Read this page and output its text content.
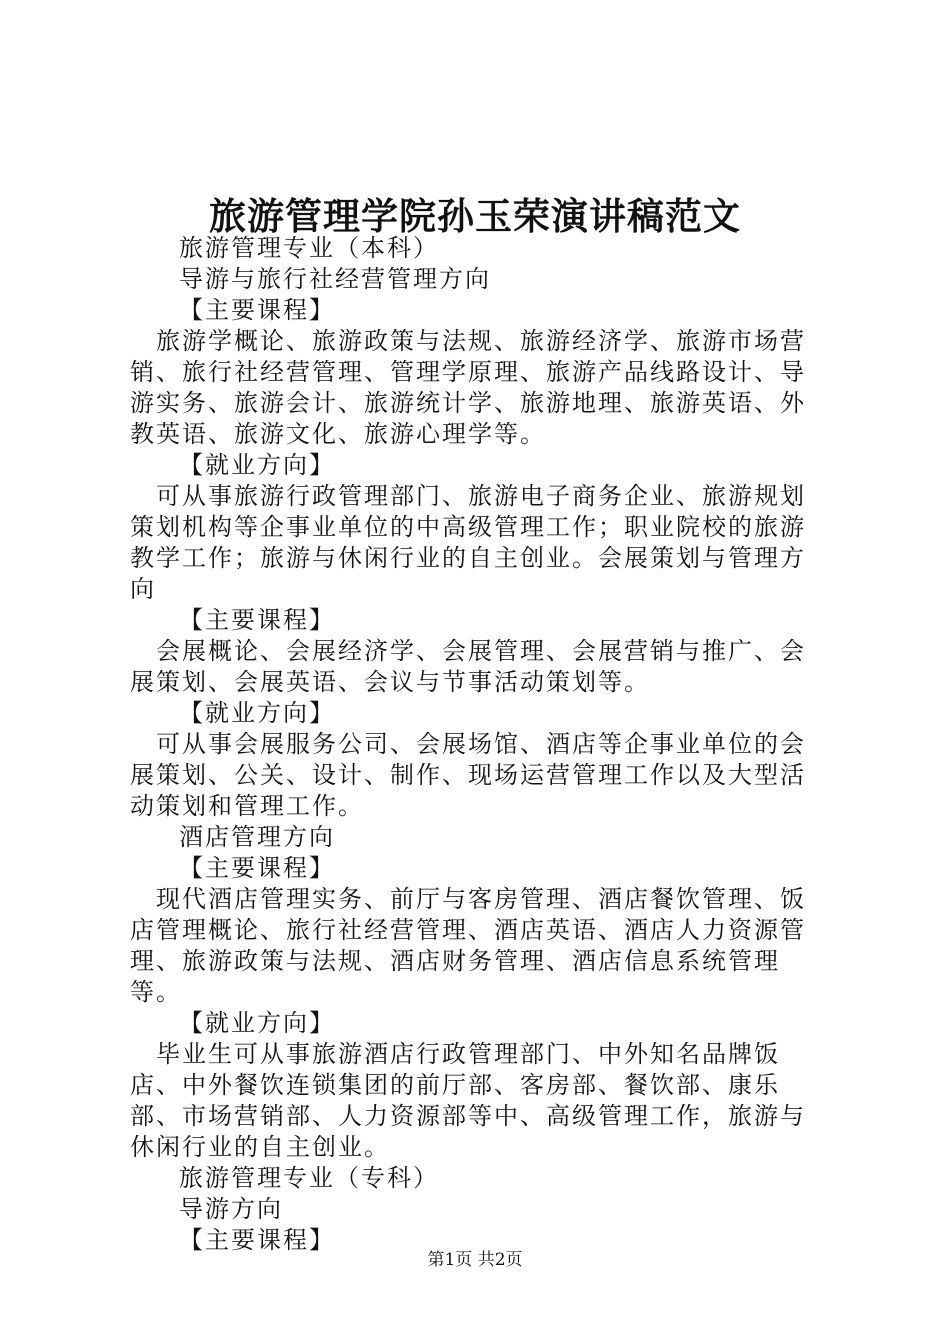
旅游管理学院孙玉荣演讲稿范文

旅游管理专业（本科）

导游与旅行社经营管理方向

【主要课程】

　旅游学概论、旅游政策与法规、旅游经济学、旅游市场营销、旅行社经营管理、管理学原理、旅游产品线路设计、导游实务、旅游会计、旅游统计学、旅游地理、旅游英语、外教英语、旅游文化、旅游心理学等。

【就业方向】

　可从事旅游行政管理部门、旅游电子商务企业、旅游规划策划机构等企事业单位的中高级管理工作；职业院校的旅游教学工作；旅游与休闲行业的自主创业。会展策划与管理方向

【主要课程】

　会展概论、会展经济学、会展管理、会展营销与推广、会展策划、会展英语、会议与节事活动策划等。

【就业方向】

　可从事会展服务公司、会展场馆、酒店等企事业单位的会展策划、公关、设计、制作、现场运营管理工作以及大型活动策划和管理工作。

酒店管理方向

【主要课程】

　现代酒店管理实务、前厅与客房管理、酒店餐饮管理、饭店管理概论、旅行社经营管理、酒店英语、酒店人力资源管理、旅游政策与法规、酒店财务管理、酒店信息系统管理等。

【就业方向】

　毕业生可从事旅游酒店行政管理部门、中外知名品牌饭店、中外餐饮连锁集团的前厅部、客房部、餐饮部、康乐部、市场营销部、人力资源部等中、高级管理工作，旅游与休闲行业的自主创业。

旅游管理专业（专科）

导游方向

【主要课程】

第1页 共2页
